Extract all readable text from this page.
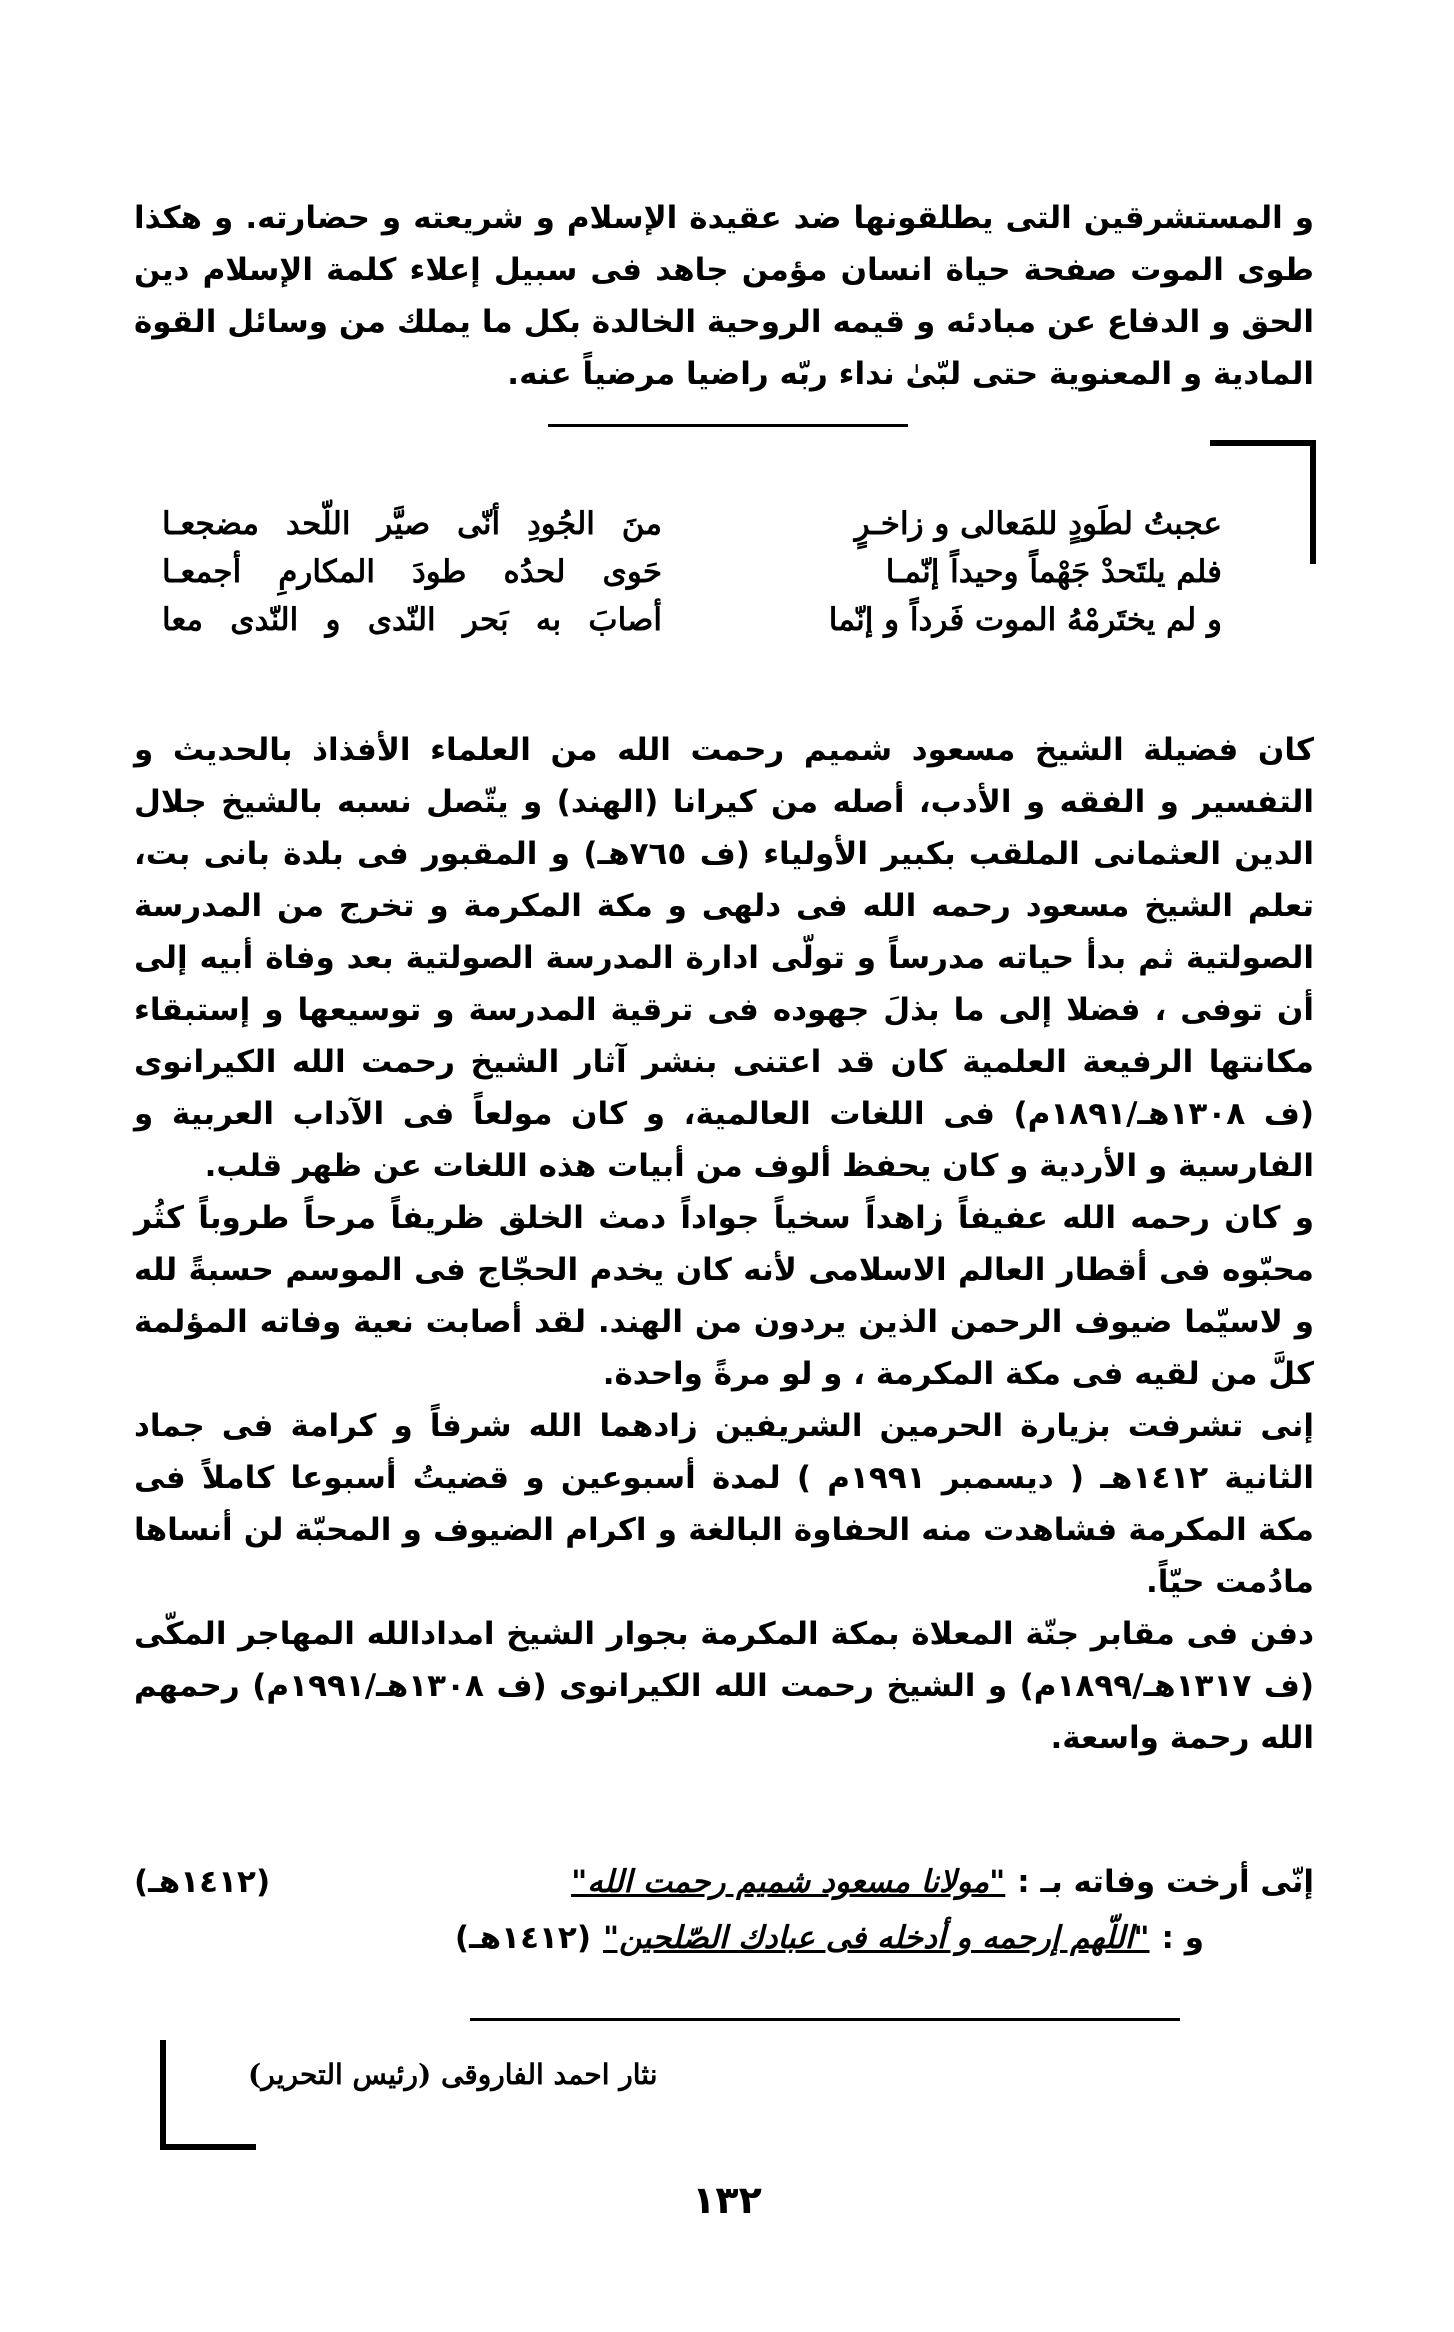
و المستشرقين التى يطلقونها ضد عقيدة الإسلام و شريعته و حضارته. و هكذا طوى الموت صفحة حياة انسان مؤمن جاهد فى سبيل إعلاء كلمة الإسلام دين الحق و الدفاع عن مبادئه و قيمه الروحية الخالدة بكل ما يملك من وسائل القوة المادية و المعنوية حتى لبّىٰ نداء ربّه راضيا مرضياً عنه.

عجبتُ لطَودٍ للمَعالى و زاخـرٍ
منَ الجُودِ أنّى صيَّر اللّحد مضجعـا
فلم يلتَحدْ جَهْماً وحيداً إنّمـا
حَوى لحدُه طودَ المكارمِ أجمعـا
و لم يختَرمْهُ الموت فَرداً و إنّما
أصابَ به بَحر النّدى و النّدى معا

كان فضيلة الشيخ مسعود شميم رحمت الله من العلماء الأفذاذ بالحديث و التفسير و الفقه و الأدب، أصله من كيرانا (الهند) و يتّصل نسبه بالشيخ جلال الدين العثمانى الملقب بكبير الأولياء (ف ٧٦٥هـ) و المقبور فى بلدة بانى بت، تعلم الشيخ مسعود رحمه الله فى دلهى و مكة المكرمة و تخرج من المدرسة الصولتية ثم بدأ حياته مدرساً و تولّى ادارة المدرسة الصولتية بعد وفاة أبيه إلى أن توفى ، فضلا إلى ما بذلَ جهوده فى ترقية المدرسة و توسيعها و إستبقاء مكانتها الرفيعة العلمية كان قد اعتنى بنشر آثار الشيخ رحمت الله الكيرانوى (ف ١٣٠٨هـ/١٨٩١م) فى اللغات العالمية، و كان مولعاً فى الآداب العربية و الفارسية و الأردية و كان يحفظ ألوف من أبيات هذه اللغات عن ظهر قلب.

و كان رحمه الله عفيفاً زاهداً سخياً جواداً دمث الخلق ظريفاً مرحاً طروباً كثُر محبّوه فى أقطار العالم الاسلامى لأنه كان يخدم الحجّاج فى الموسم حسبةً لله و لاسيّما ضيوف الرحمن الذين يردون من الهند. لقد أصابت نعية وفاته المؤلمة كلَّ من لقيه فى مكة المكرمة ، و لو مرةً واحدة.

إنى تشرفت بزيارة الحرمين الشريفين زادهما الله شرفاً و كرامة فى جماد الثانية ١٤١٢هـ ( ديسمبر ١٩٩١م ) لمدة أسبوعين و قضيتُ أسبوعا كاملاً فى مكة المكرمة فشاهدت منه الحفاوة البالغة و اكرام الضيوف و المحبّة لن أنساها مادُمت حيّاً.

دفن فى مقابر جنّة المعلاة بمكة المكرمة بجوار الشيخ امدادالله المهاجر المكّى (ف ١٣١٧هـ/١٨٩٩م) و الشيخ رحمت الله الكيرانوى (ف ١٣٠٨هـ/١٩٩١م) رحمهم الله رحمة واسعة.

إنّى أرخت وفاته بـ :
"مولانا مسعود شميم رحمت الله"
(١٤١٢هـ)
و :
"اللّهم إرحمه و أدخله فى عبادك الصّلحين"
(١٤١٢هـ)
نثار احمد الفاروقى (رئيس التحرير)
١٣٢
